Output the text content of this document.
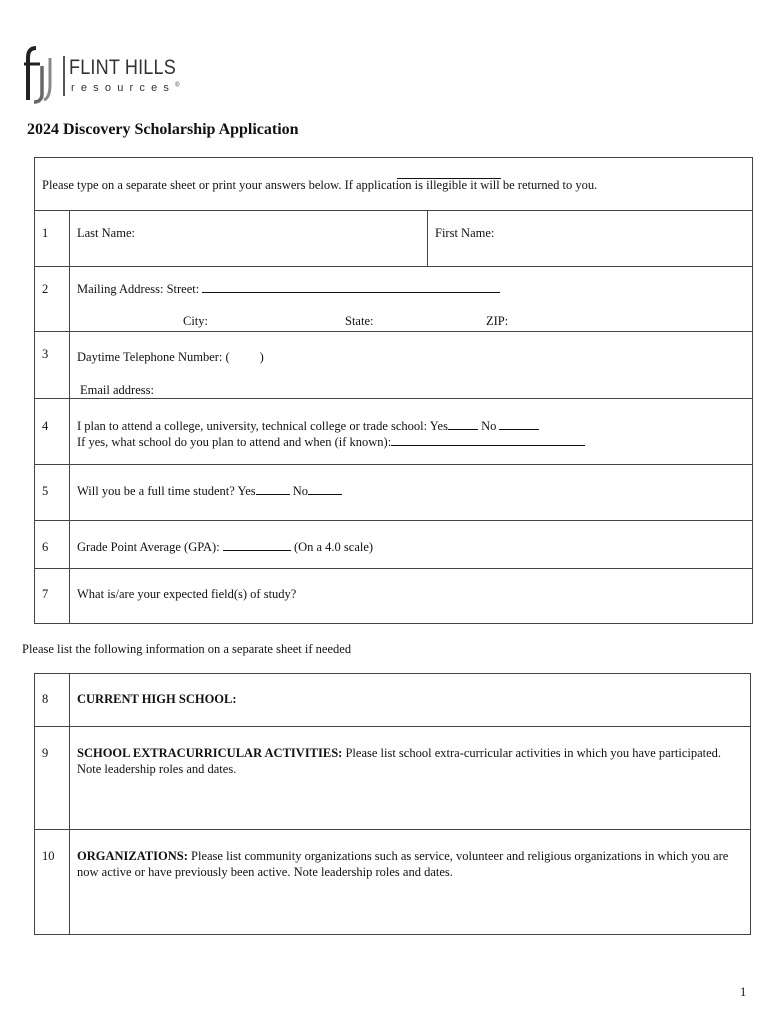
FLINT HILLS
resources®
2024 Discovery Scholarship Application
Please type on a separate sheet or print your answers below. If application is illegible it will be returned to you.		

1	Last Name:	First Name:
2	Mailing Address: Street:
City: State: ZIP:	

3	Daytime Telephone Number: ( )
Email address:	

4	I plan to attend a college, university, technical college or trade school: Yes No
If yes, what school do you plan to attend and when (if known):	

5	Will you be a full time student? Yes No	
6	Grade Point Average (GPA): (On a 4.0 scale)	
7	What is/are your expected field(s) of study?	
Please list the following information on a separate sheet if needed
8	CURRENT HIGH SCHOOL:
9	SCHOOL EXTRACURRICULAR ACTIVITIES: Please list school extra-curricular activities in which you have participated. Note leadership roles and dates.
10	ORGANIZATIONS: Please list community organizations such as service, volunteer and religious organizations in which you are now active or have previously been active. Note leadership roles and dates.
1
